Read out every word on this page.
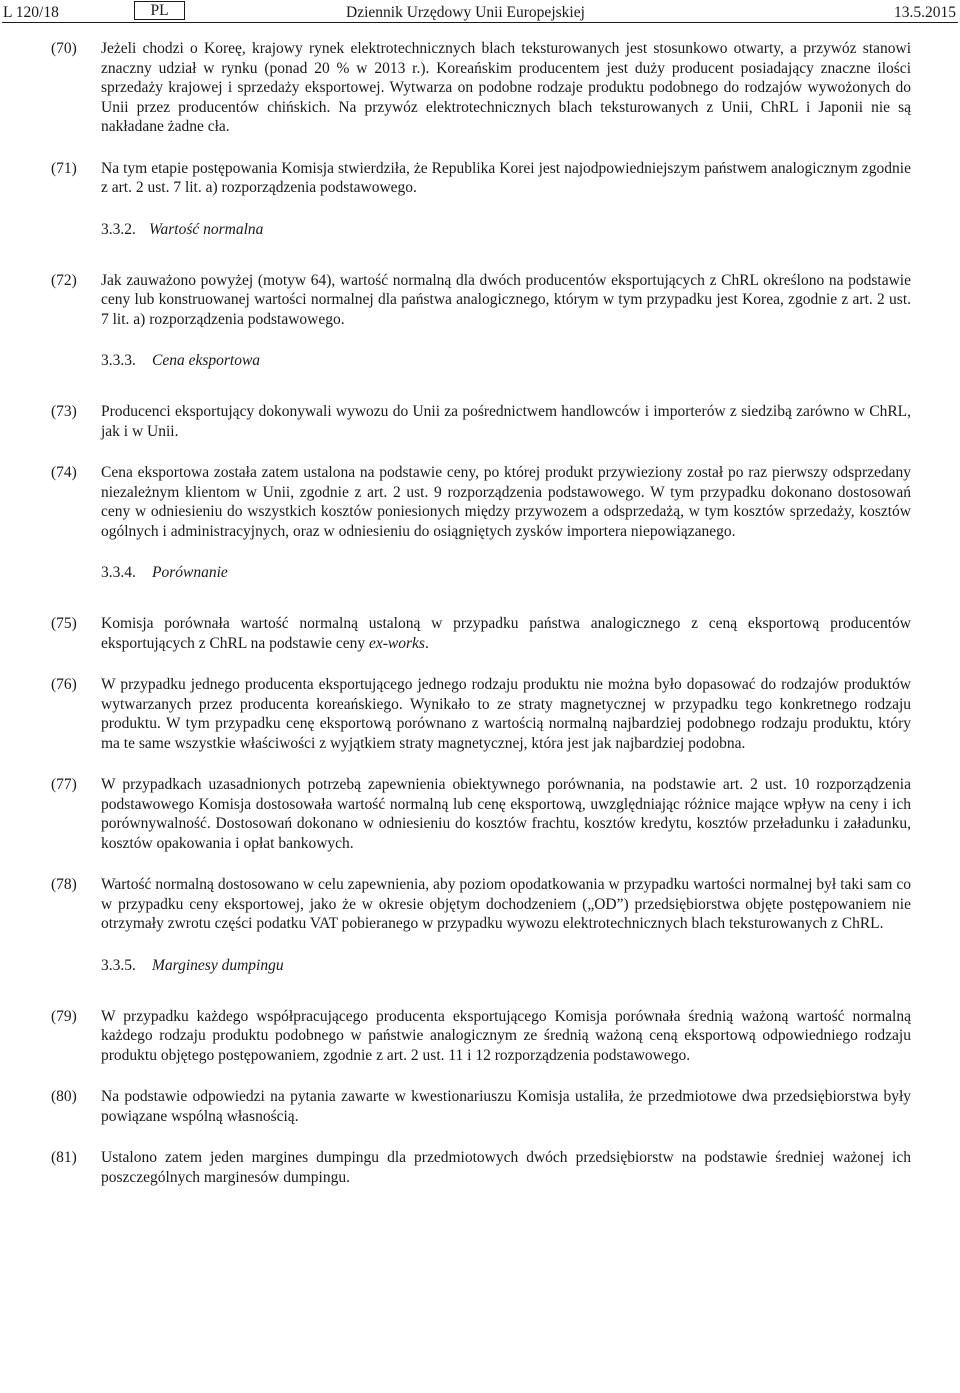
L 120/18	PL	Dziennik Urzędowy Unii Europejskiej	13.5.2015
(70) Jeżeli chodzi o Koreę, krajowy rynek elektrotechnicznych blach teksturowanych jest stosunkowo otwarty, a przywóz stanowi znaczny udział w rynku (ponad 20 % w 2013 r.). Koreańskim producentem jest duży producent posiadający znaczne ilości sprzedaży krajowej i sprzedaży eksportowej. Wytwarza on podobne rodzaje produktu podobnego do rodzajów wywożonych do Unii przez producentów chińskich. Na przywóz elektrotechnicznych blach teksturowanych z Unii, ChRL i Japonii nie są nakładane żadne cła.
(71) Na tym etapie postępowania Komisja stwierdziła, że Republika Korei jest najodpowiedniejszym państwem analogicznym zgodnie z art. 2 ust. 7 lit. a) rozporządzenia podstawowego.
3.3.2. Wartość normalna
(72) Jak zauważono powyżej (motyw 64), wartość normalną dla dwóch producentów eksportujących z ChRL określono na podstawie ceny lub konstruowanej wartości normalnej dla państwa analogicznego, którym w tym przypadku jest Korea, zgodnie z art. 2 ust. 7 lit. a) rozporządzenia podstawowego.
3.3.3. Cena eksportowa
(73) Producenci eksportujący dokonywali wywozu do Unii za pośrednictwem handlowców i importerów z siedzibą zarówno w ChRL, jak i w Unii.
(74) Cena eksportowa została zatem ustalona na podstawie ceny, po której produkt przywieziony został po raz pierwszy odsprzedany niezależnym klientom w Unii, zgodnie z art. 2 ust. 9 rozporządzenia podstawowego. W tym przypadku dokonano dostosowań ceny w odniesieniu do wszystkich kosztów poniesionych między przywozem a odsprzedażą, w tym kosztów sprzedaży, kosztów ogólnych i administracyjnych, oraz w odniesieniu do osiągniętych zysków importera niepowiązanego.
3.3.4. Porównanie
(75) Komisja porównała wartość normalną ustaloną w przypadku państwa analogicznego z ceną eksportową producentów eksportujących z ChRL na podstawie ceny ex-works.
(76) W przypadku jednego producenta eksportującego jednego rodzaju produktu nie można było dopasować do rodzajów produktów wytwarzanych przez producenta koreańskiego. Wynikało to ze straty magnetycznej w przypadku tego konkretnego rodzaju produktu. W tym przypadku cenę eksportową porównano z wartością normalną najbardziej podobnego rodzaju produktu, który ma te same wszystkie właściwości z wyjątkiem straty magnetycznej, która jest jak najbardziej podobna.
(77) W przypadkach uzasadnionych potrzebą zapewnienia obiektywnego porównania, na podstawie art. 2 ust. 10 rozporządzenia podstawowego Komisja dostosowała wartość normalną lub cenę eksportową, uwzględniając różnice mające wpływ na ceny i ich porównywalność. Dostosowań dokonano w odniesieniu do kosztów frachtu, kosztów kredytu, kosztów przeładunku i załadunku, kosztów opakowania i opłat bankowych.
(78) Wartość normalną dostosowano w celu zapewnienia, aby poziom opodatkowania w przypadku wartości normalnej był taki sam co w przypadku ceny eksportowej, jako że w okresie objętym dochodzeniem („OD”) przedsiębiorstwa objęte postępowaniem nie otrzymały zwrotu części podatku VAT pobieranego w przypadku wywozu elektrotechnicznych blach teksturowanych z ChRL.
3.3.5. Marginesy dumpingu
(79) W przypadku każdego współpracującego producenta eksportującego Komisja porównała średnią ważoną wartość normalną każdego rodzaju produktu podobnego w państwie analogicznym ze średnią ważoną ceną eksportową odpowiedniego rodzaju produktu objętego postępowaniem, zgodnie z art. 2 ust. 11 i 12 rozporządzenia podstawowego.
(80) Na podstawie odpowiedzi na pytania zawarte w kwestionariuszu Komisja ustaliła, że przedmiotowe dwa przedsiębiorstwa były powiązane wspólną własnością.
(81) Ustalono zatem jeden margines dumpingu dla przedmiotowych dwóch przedsiębiorstw na podstawie średniej ważonej ich poszczególnych marginesów dumpingu.
